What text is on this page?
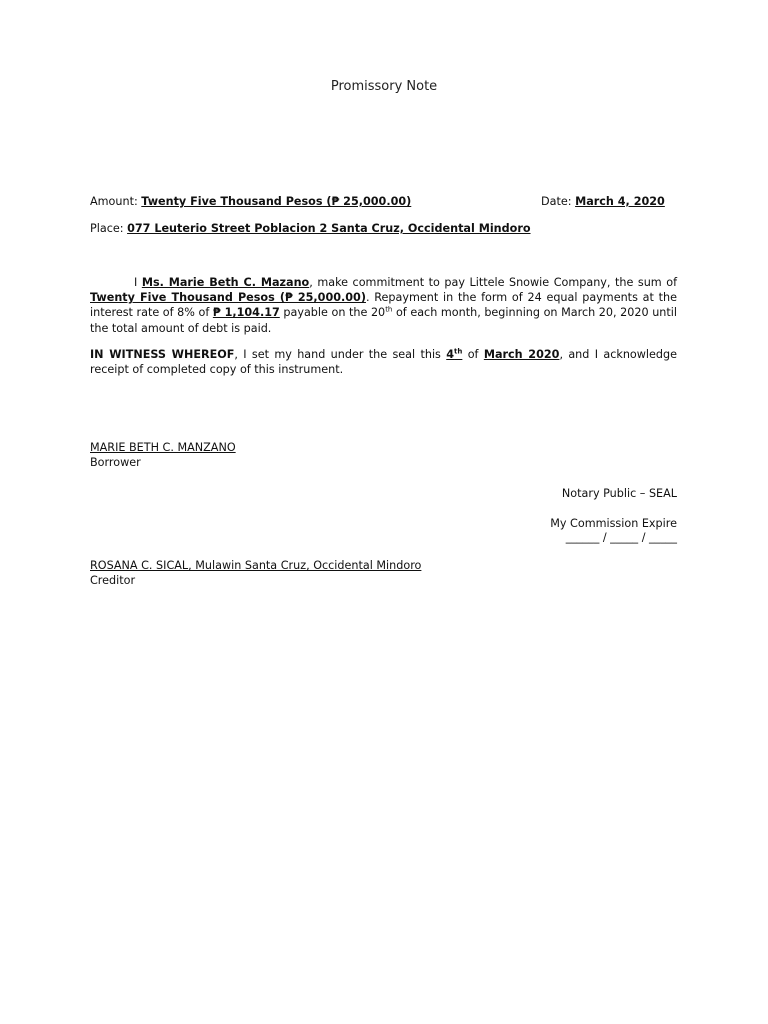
Promissory Note
Amount: Twenty Five Thousand Pesos (₱ 25,000.00)	Date: March 4, 2020
Place: 077 Leuterio Street Poblacion 2 Santa Cruz, Occidental Mindoro
I Ms. Marie Beth C. Mazano, make commitment to pay Littele Snowie Company, the sum of Twenty Five Thousand Pesos (₱ 25,000.00). Repayment in the form of 24 equal payments at the interest rate of 8% of ₱ 1,104.17 payable on the 20th of each month, beginning on March 20, 2020 until the total amount of debt is paid.
IN WITNESS WHEREOF, I set my hand under the seal this 4th of March 2020, and I acknowledge receipt of completed copy of this instrument.
MARIE BETH C. MANZANO
Borrower
Notary Public – SEAL
My Commission Expire
______ / _____ / _____
ROSANA C. SICAL, Mulawin Santa Cruz, Occidental Mindoro
Creditor
